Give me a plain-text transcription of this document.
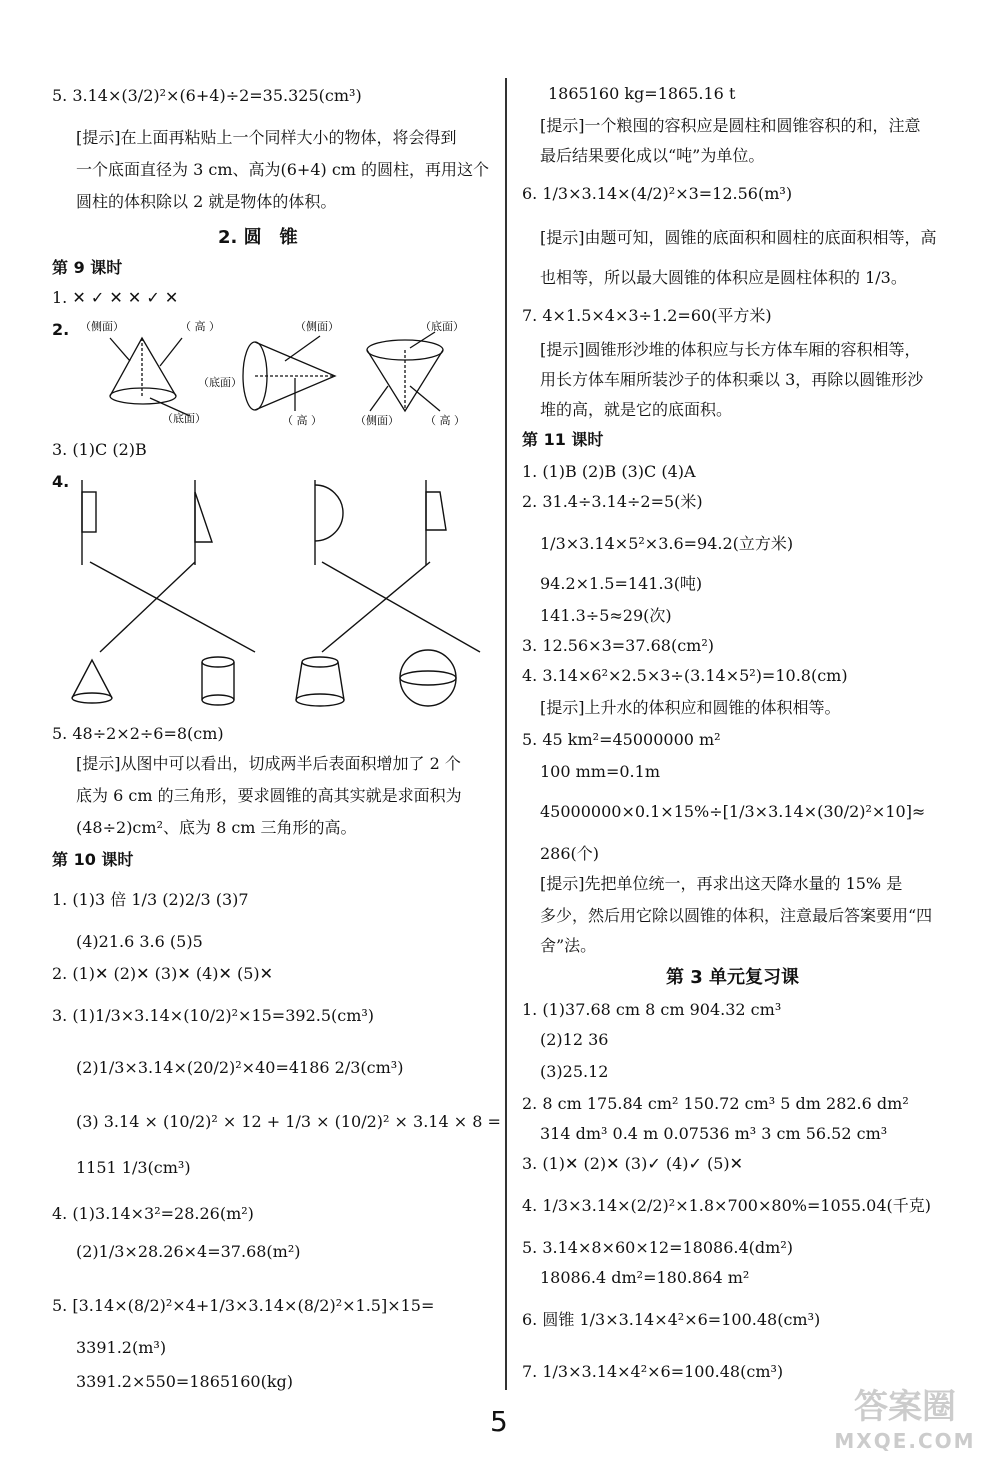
5. 3.14×(3/2)²×(6+4)÷2=35.325(cm³)
[提示]在上面再粘贴上一个同样大小的物体，将会得到
一个底面直径为 3 cm、高为(6+4) cm 的圆柱，再用这个
圆柱的体积除以 2 就是物体的体积。
2. 圆　锥
第 9 课时
1. ✕ ✓ ✕ ✕ ✓ ✕
2. （侧面）	（ 高 ）	（侧面）	（底面）
（底面）
（底面）	（ 高 ）	（侧面） （ 高 ）
3. (1)C (2)B
4.
5. 48÷2×2÷6=8(cm)
[提示]从图中可以看出，切成两半后表面积增加了 2 个
底为 6 cm 的三角形，要求圆锥的高其实就是求面积为
(48÷2)cm²、底为 8 cm 三角形的高。
第 10 课时
1. (1)3 倍 1/3 (2)2/3 (3)7
(4)21.6 3.6 (5)5
2. (1)✕ (2)✕ (3)✕ (4)✕ (5)✕
3. (1)1/3×3.14×(10/2)²×15=392.5(cm³)
(2)1/3×3.14×(20/2)²×40=4186 2/3(cm³)
(3) 3.14 × (10/2)² × 12 + 1/3 × (10/2)² × 3.14 × 8 =
1151 1/3(cm³)
4. (1)3.14×3²=28.26(m²)
(2)1/3×28.26×4=37.68(m²)
5. [3.14×(8/2)²×4+1/3×3.14×(8/2)²×1.5]×15=
3391.2(m³)
3391.2×550=1865160(kg)
1865160 kg=1865.16 t
[提示]一个粮囤的容积应是圆柱和圆锥容积的和，注意
最后结果要化成以“吨”为单位。
6. 1/3×3.14×(4/2)²×3=12.56(m³)
[提示]由题可知，圆锥的底面积和圆柱的底面积相等，高
也相等，所以最大圆锥的体积应是圆柱体积的 1/3。
7. 4×1.5×4×3÷1.2=60(平方米)
[提示]圆锥形沙堆的体积应与长方体车厢的容积相等，
用长方体车厢所装沙子的体积乘以 3，再除以圆锥形沙
堆的高，就是它的底面积。
第 11 课时
1. (1)B (2)B (3)C (4)A
2. 31.4÷3.14÷2=5(米)
1/3×3.14×5²×3.6=94.2(立方米)
94.2×1.5=141.3(吨)
141.3÷5≈29(次)
3. 12.56×3=37.68(cm²)
4. 3.14×6²×2.5×3÷(3.14×5²)=10.8(cm)
[提示]上升水的体积应和圆锥的体积相等。
5. 45 km²=45000000 m²
100 mm=0.1m
45000000×0.1×15%÷[1/3×3.14×(30/2)²×10]≈
286(个)
[提示]先把单位统一，再求出这天降水量的 15% 是
多少，然后用它除以圆锥的体积，注意最后答案要用“四
舍”法。
第 3 单元复习课
1. (1)37.68 cm 8 cm 904.32 cm³
(2)12 36
(3)25.12
2. 8 cm 175.84 cm² 150.72 cm³ 5 dm 282.6 dm²
314 dm³ 0.4 m 0.07536 m³ 3 cm 56.52 cm³
3. (1)✕ (2)✕ (3)✓ (4)✓ (5)✕
4. 1/3×3.14×(2/2)²×1.8×700×80%=1055.04(千克)
5. 3.14×8×60×12=18086.4(dm²)
18086.4 dm²=180.864 m²
6. 圆锥 1/3×3.14×4²×6=100.48(cm³)
7. 1/3×3.14×4²×6=100.48(cm³)
5	答案圈
MXQE.COM
